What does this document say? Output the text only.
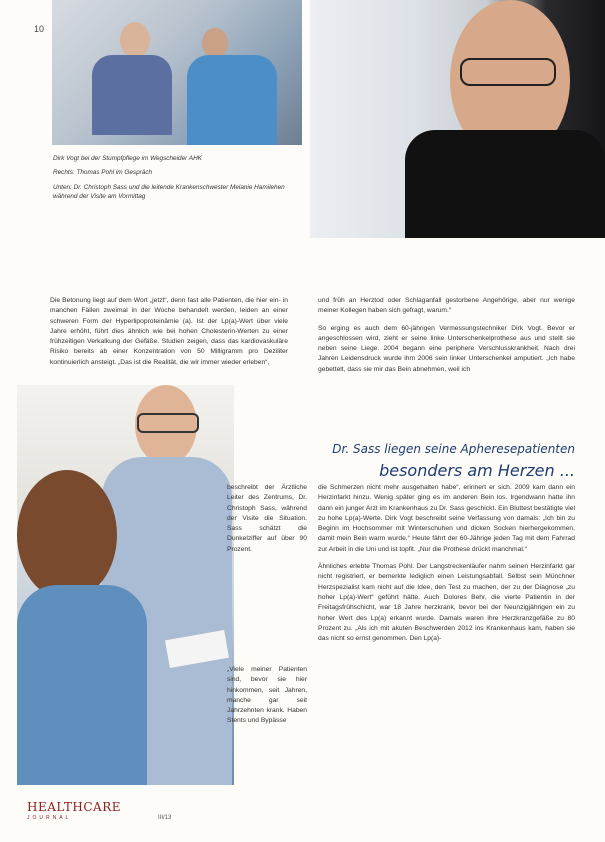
10

Dirk Vogt bei der Stumpfpflege im Wegscheider AHK

Rechts: Thomas Pohl im Gespräch

Unten: Dr. Christoph Sass und die leitende Krankenschwester Melanie Hamilehen während der Visite am Vormittag

Die Betonung liegt auf dem Wort „jetzt“, denn fast alle Patienten, die hier ein- in manchen Fällen zweimal in der Woche behandelt werden, leiden an einer schweren Form der Hyperlipoproteinämie (a). Ist der Lp(a)-Wert über viele Jahre erhöht, führt dies ähnlich wie bei hohen Cholesterin-Werten zu einer frühzeitigen Verkalkung der Gefäße. Studien zeigen, dass das kardiovaskuläre Risiko bereits ab einer Konzentration von 50 Milligramm pro Deziliter kontinuierlich ansteigt. „Das ist die Realität, die wir immer wieder erleben“,

und früh an Herztod oder Schlaganfall gestorbene Angehörige, aber nur wenige meiner Kollegen haben sich gefragt, warum.“

So erging es auch dem 60-jährigen Vermessungstechniker Dirk Vogt. Bevor er angeschlossen wird, zieht er seine linke Unterschenkelprothese aus und stellt sie neben seine Liege. 2004 begann eine periphere Verschlusskrankheit. Nach drei Jahren Leidensdruck wurde ihm 2006 sein linker Unterschenkel amputiert. „Ich habe gebettelt, dass sie mir das Bein abnehmen, weil ich

Dr. Sass liegen seine Apheresepatienten
besonders am Herzen ...

beschreibt der Ärztliche Leiter des Zentrums, Dr. Christoph Sass, während der Visite die Situation. Sass schätzt die Dunkelziffer auf über 90 Prozent.

die Schmerzen nicht mehr ausgehalten habe“, erinnert er sich. 2009 kam dann ein Herzinfarkt hinzu. Wenig später ging es im anderen Bein los. Irgendwann hatte ihn dann ein junger Arzt im Krankenhaus zu Dr. Sass geschickt. Ein Bluttest bestätigte viel zu hohe Lp(a)-Werte. Dirk Vogt beschreibt seine Verfassung von damals: „Ich bin zu Beginn im Hochsommer mit Winterschuhen und dicken Socken hierhergekommen, damit mein Bein warm wurde.“ Heute fährt der 60-Jährige jeden Tag mit dem Fahrrad zur Arbeit in die Uni und ist topfit. „Nur die Prothese drückt manchmal.“

Ähnliches erlebte Thomas Pohl. Der Langstreckenläufer nahm seinen Herzinfarkt gar nicht registriert, er bemerkte lediglich einen Leistungsabfall. Selbst sein Münchner Herzspezialist kam nicht auf die Idee, den Test zu machen, der zu der Diagnose „zu hoher Lp(a)-Wert“ geführt hätte. Auch Dolores Behr, die vierte Patientin in der Freitagsfrühschicht, war 18 Jahre herzkrank, bevor bei der Neunzigjährigen ein zu hoher Wert des Lp(a) erkannt wurde. Damals waren ihre Herzkranzgefäße zu 80 Prozent zu. „Als ich mit akuten Beschwerden 2012 ins Krankenhaus kam, haben sie das nicht so ernst genommen. Den Lp(a)-

„Viele meiner Patienten sind, bevor sie hier hinkommen, seit Jahren, manche gar seit Jahrzehnten krank. Haben Stents und Bypässe

HEALTHCARE
JOURNAL	III/13
